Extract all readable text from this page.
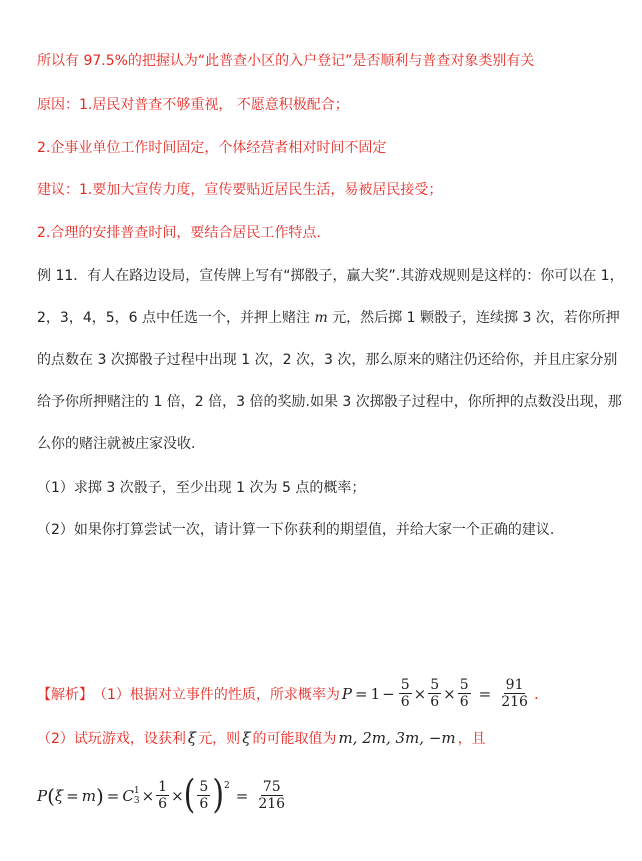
所以有 97.5%的把握认为“此普查小区的入户登记”是否顺利与普查对象类别有关
原因：1.居民对普查不够重视， 不愿意积极配合；
2.企事业单位工作时间固定，个体经营者相对时间不固定
建议：1.要加大宣传力度，宣传要贴近居民生活，易被居民接受；
2.合理的安排普查时间，要结合居民工作特点.
例 11．有人在路边设局，宣传牌上写有“掷骰子，赢大奖”.其游戏规则是这样的：你可以在 1，
2，3，4，5，6 点中任选一个，并押上赌注 m 元，然后掷 1 颗骰子，连续掷 3 次，若你所押
的点数在 3 次掷骰子过程中出现 1 次，2 次，3 次，那么原来的赌注仍还给你，并且庄家分别
给予你所押赌注的 1 倍，2 倍，3 倍的奖励.如果 3 次掷骰子过程中，你所押的点数没出现，那
么你的赌注就被庄家没收.
（1）求掷 3 次骰子，至少出现 1 次为 5 点的概率；
（2）如果你打算尝试一次，请计算一下你获利的期望值，并给大家一个正确的建议.
【解析】 （1）根据对立事件的性质，所求概率为 $P = 1 - \frac{5}{6} \times \frac{5}{6} \times \frac{5}{6} = \frac{91}{216}$ .
（2）试玩游戏，设获利 ξ 元，则 ξ 的可能取值为 m, 2m, 3m, −m ，且
P ( ξ = m ) = C 1
$3 \times \frac{1}{6}$ × ( $\frac{5}{6}$ ) 2
= $\frac{75}{216}$
